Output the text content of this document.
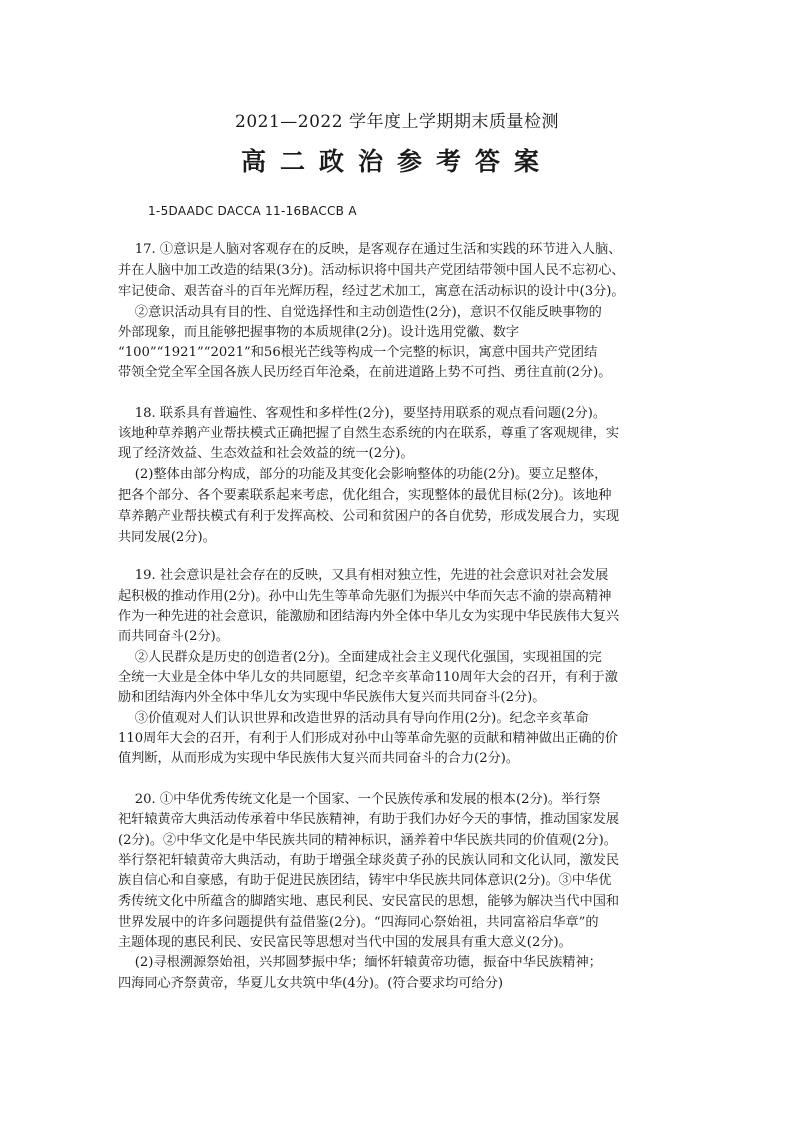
2021—2022 学年度上学期期末质量检测
高二政治参考答案
1-5DAADC DACCA 11-16BACCB A
17. ①意识是人脑对客观存在的反映，是客观存在通过生活和实践的环节进入人脑、
并在人脑中加工改造的结果(3分)。活动标识将中国共产党团结带领中国人民不忘初心、
牢记使命、艰苦奋斗的百年光辉历程，经过艺术加工，寓意在活动标识的设计中(3分)。
②意识活动具有目的性、自觉选择性和主动创造性(2分)，意识不仅能反映事物的
外部现象，而且能够把握事物的本质规律(2分)。设计选用党徽、数字
“100”“1921”“2021”和56根光芒线等构成一个完整的标识，寓意中国共产党团结
带领全党全军全国各族人民历经百年沧桑，在前进道路上势不可挡、勇往直前(2分)。
18. 联系具有普遍性、客观性和多样性(2分)，要坚持用联系的观点看问题(2分)。
该地种草养鹅产业帮扶模式正确把握了自然生态系统的内在联系，尊重了客观规律，实
现了经济效益、生态效益和社会效益的统一(2分)。
(2)整体由部分构成，部分的功能及其变化会影响整体的功能(2分)。要立足整体，
把各个部分、各个要素联系起来考虑，优化组合，实现整体的最优目标(2分)。该地种
草养鹅产业帮扶模式有利于发挥高校、公司和贫困户的各自优势，形成发展合力，实现
共同发展(2分)。
19. 社会意识是社会存在的反映，又具有相对独立性，先进的社会意识对社会发展
起积极的推动作用(2分)。孙中山先生等革命先驱们为振兴中华而矢志不渝的崇高精神
作为一种先进的社会意识，能激励和团结海内外全体中华儿女为实现中华民族伟大复兴
而共同奋斗(2分)。
②人民群众是历史的创造者(2分)。全面建成社会主义现代化强国，实现祖国的完
全统一大业是全体中华儿女的共同愿望，纪念辛亥革命110周年大会的召开，有利于激
励和团结海内外全体中华儿女为实现中华民族伟大复兴而共同奋斗(2分)。
③价值观对人们认识世界和改造世界的活动具有导向作用(2分)。纪念辛亥革命
110周年大会的召开，有利于人们形成对孙中山等革命先驱的贡献和精神做出正确的价
值判断，从而形成为实现中华民族伟大复兴而共同奋斗的合力(2分)。
20. ①中华优秀传统文化是一个国家、一个民族传承和发展的根本(2分)。举行祭
祀轩辕黄帝大典活动传承着中华民族精神，有助于我们办好今天的事情，推动国家发展
(2分)。②中华文化是中华民族共同的精神标识，涵养着中华民族共同的价值观(2分)。
举行祭祀轩辕黄帝大典活动，有助于增强全球炎黄子孙的民族认同和文化认同，激发民
族自信心和自豪感，有助于促进民族团结，铸牢中华民族共同体意识(2分)。③中华优
秀传统文化中所蕴含的脚踏实地、惠民利民、安民富民的思想，能够为解决当代中国和
世界发展中的许多问题提供有益借鉴(2分)。“四海同心祭始祖，共同富裕启华章”的
主题体现的惠民利民、安民富民等思想对当代中国的发展具有重大意义(2分)。
(2)寻根溯源祭始祖，兴邦圆梦振中华；缅怀轩辕黄帝功德，振奋中华民族精神；
四海同心齐祭黄帝，华夏儿女共筑中华(4分)。(符合要求均可给分)
